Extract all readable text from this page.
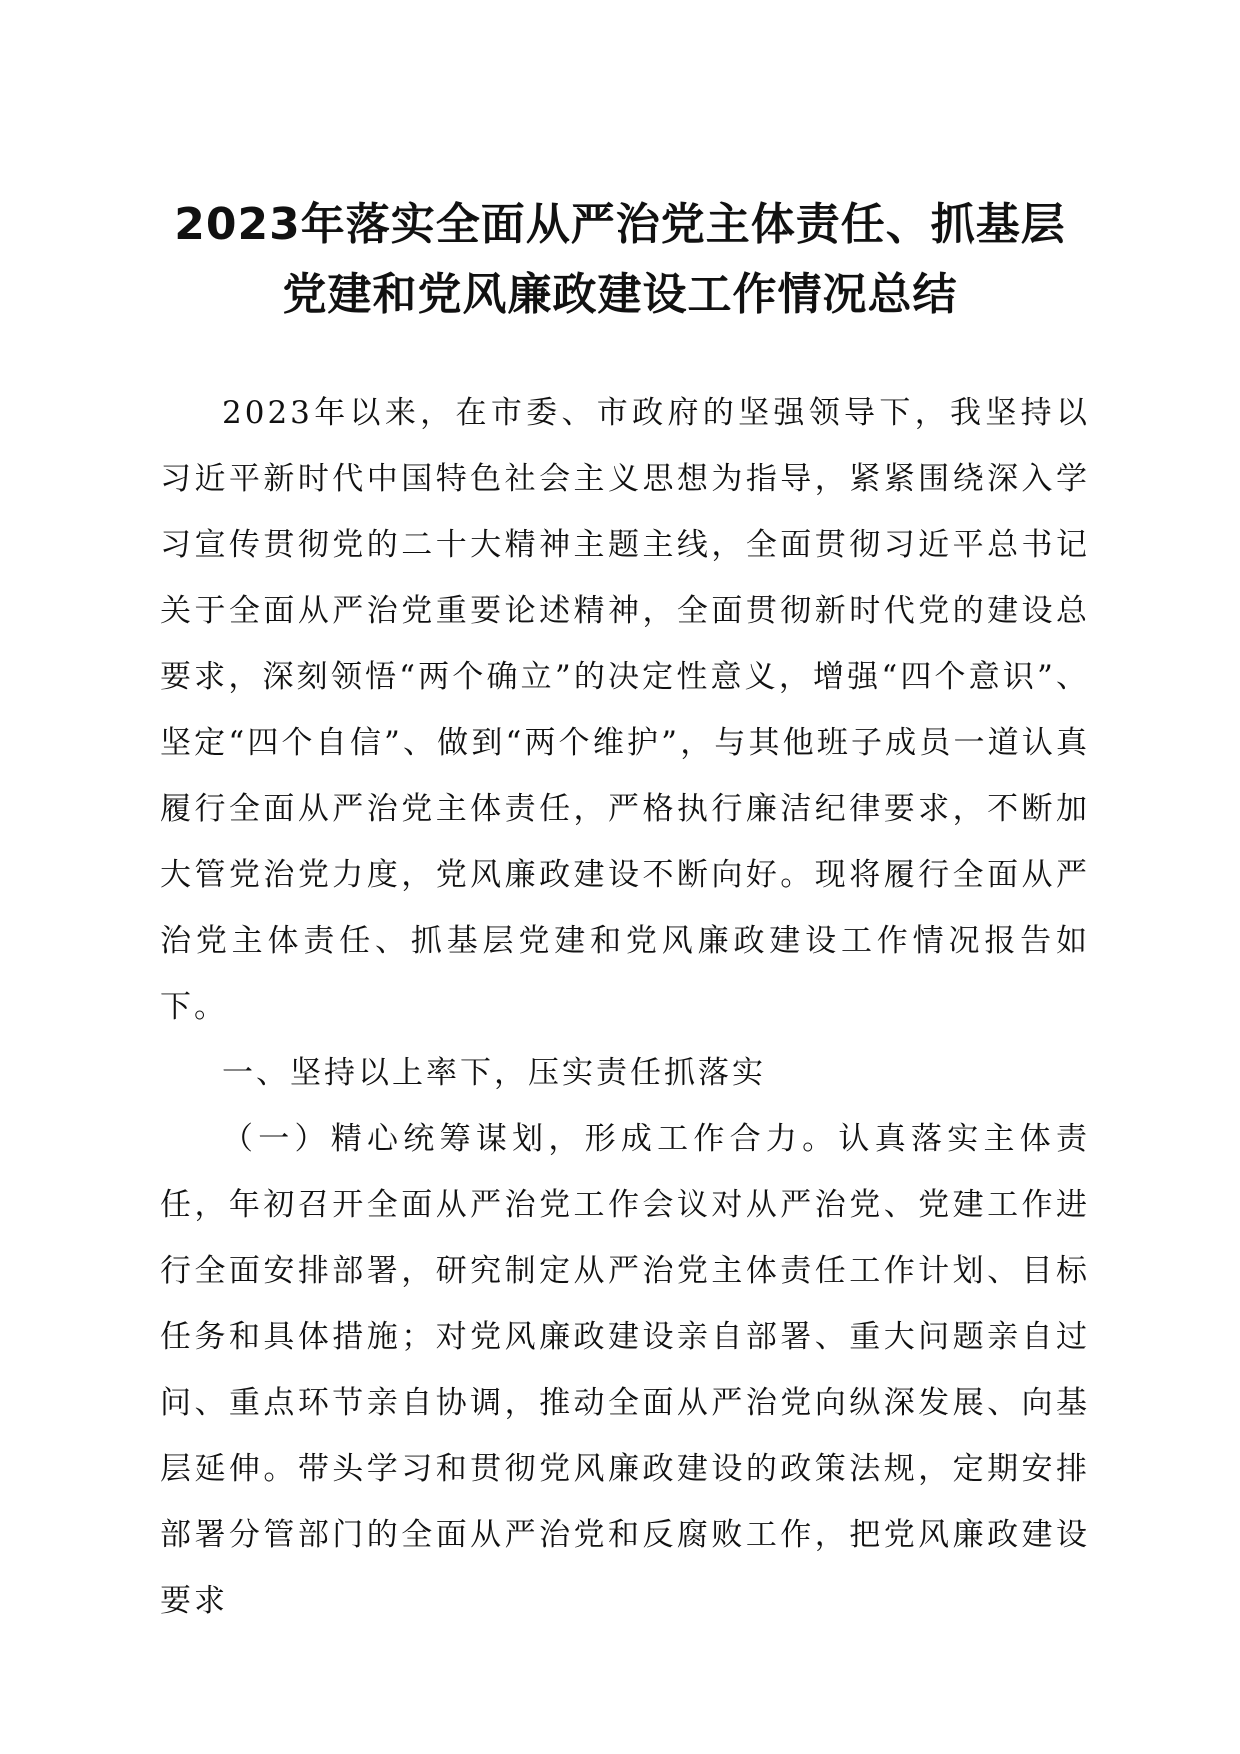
2023年落实全面从严治党主体责任、抓基层
党建和党风廉政建设工作情况总结

2023年以来，在市委、市政府的坚强领导下，我坚持以习近平新时代中国特色社会主义思想为指导，紧紧围绕深入学习宣传贯彻党的二十大精神主题主线，全面贯彻习近平总书记关于全面从严治党重要论述精神，全面贯彻新时代党的建设总要求，深刻领悟“两个确立”的决定性意义，增强“四个意识”、坚定“四个自信”、做到“两个维护”，与其他班子成员一道认真履行全面从严治党主体责任，严格执行廉洁纪律要求，不断加大管党治党力度，党风廉政建设不断向好。现将履行全面从严治党主体责任、抓基层党建和党风廉政建设工作情况报告如下。

一、坚持以上率下，压实责任抓落实

（一）精心统筹谋划，形成工作合力。认真落实主体责任，年初召开全面从严治党工作会议对从严治党、党建工作进行全面安排部署，研究制定从严治党主体责任工作计划、目标任务和具体措施；对党风廉政建设亲自部署、重大问题亲自过问、重点环节亲自协调，推动全面从严治党向纵深发展、向基层延伸。带头学习和贯彻党风廉政建设的政策法规，定期安排部署分管部门的全面从严治党和反腐败工作，把党风廉政建设要求
